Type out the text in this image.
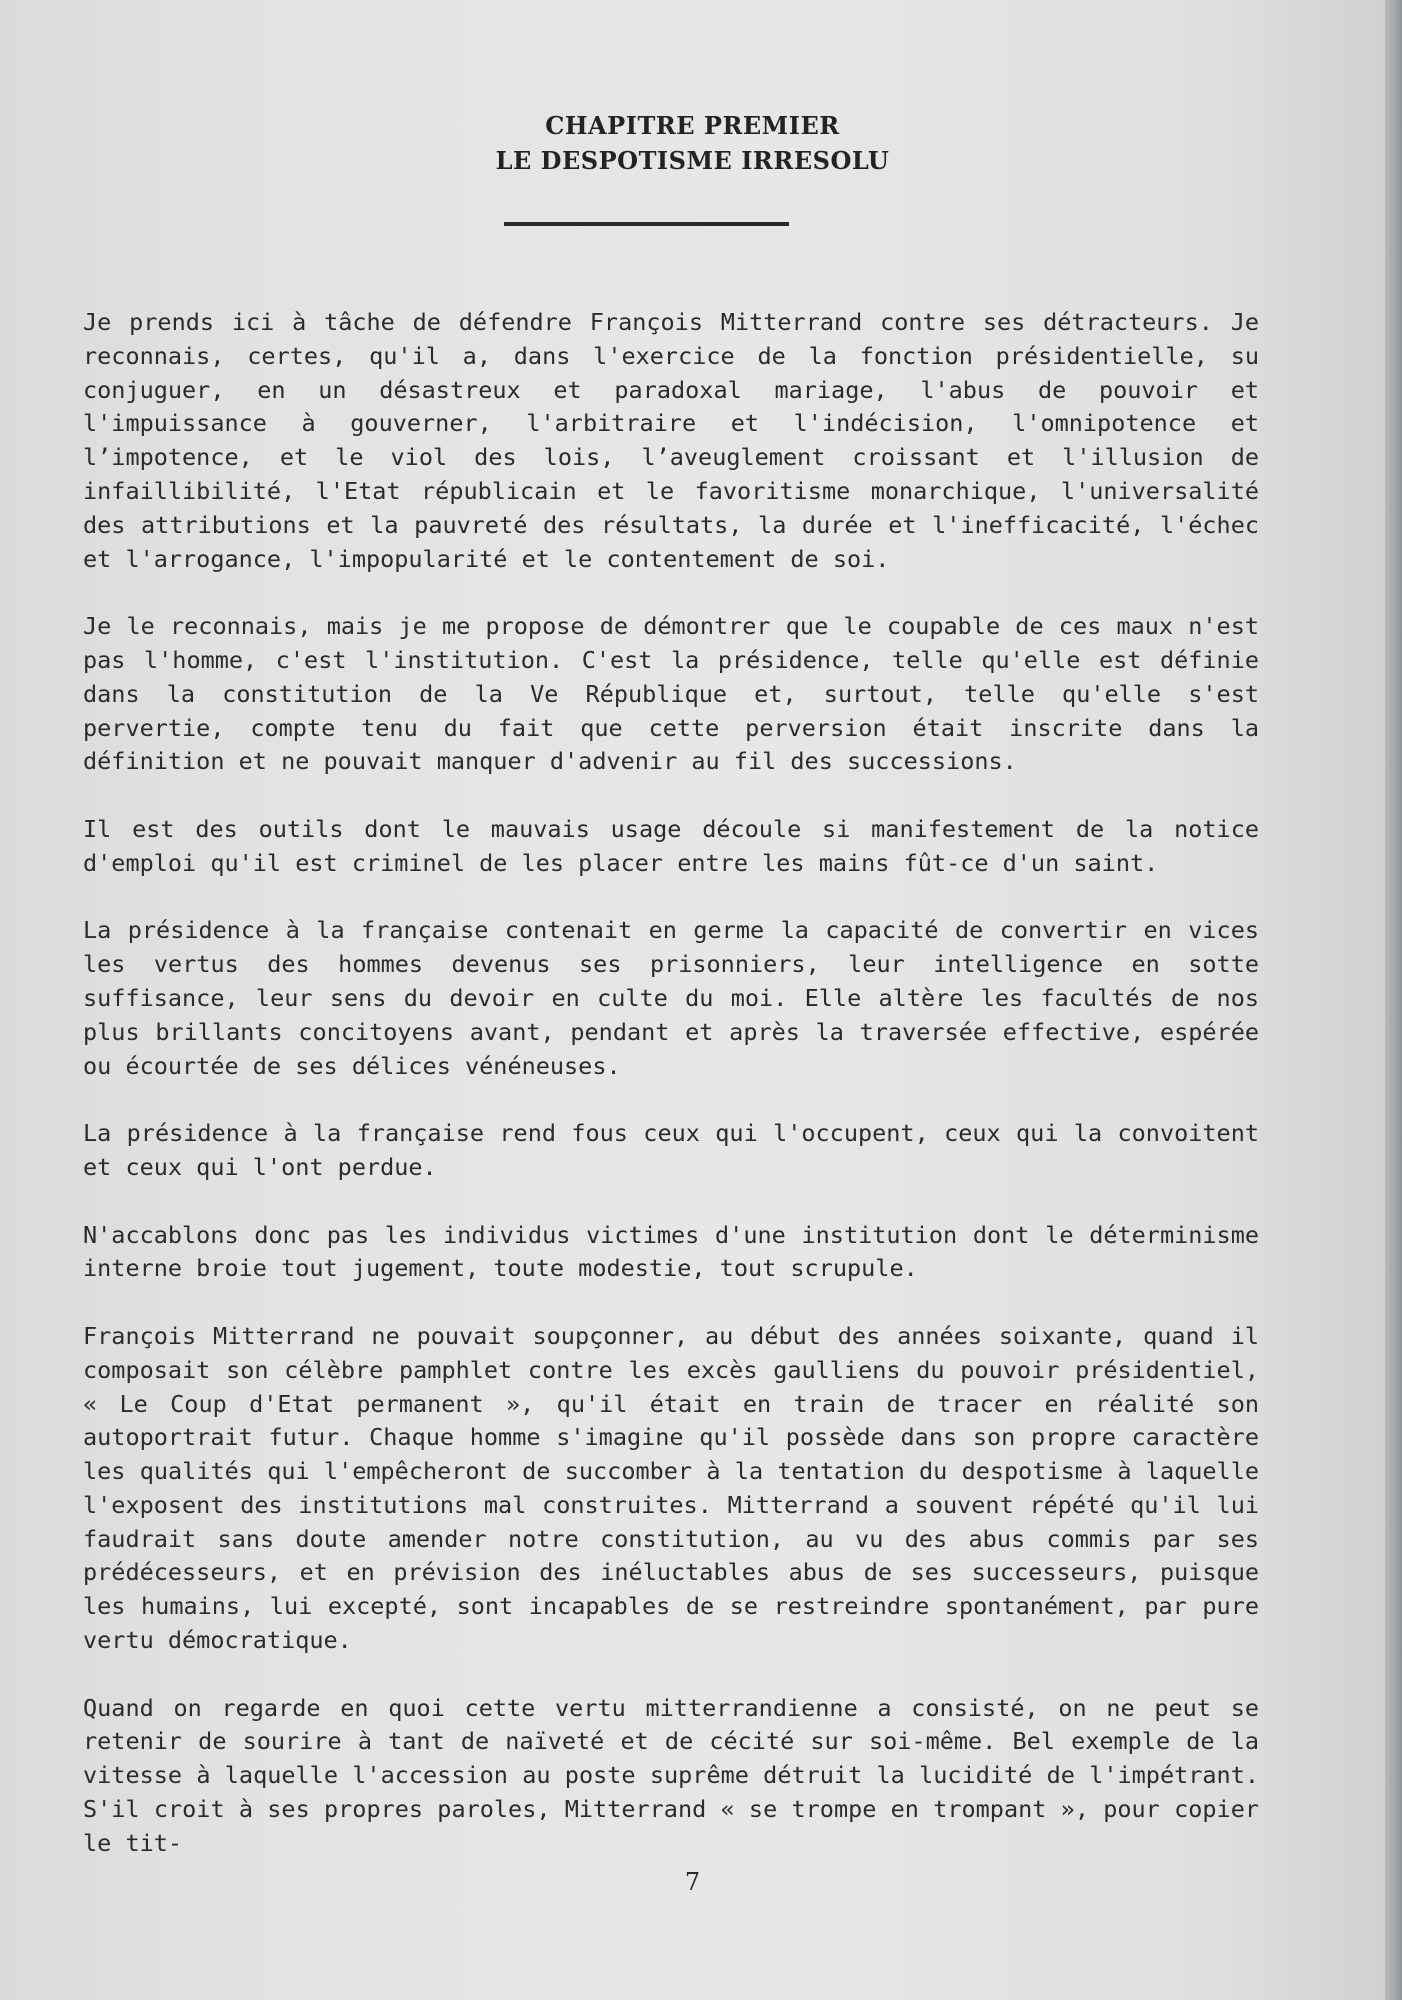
CHAPITRE PREMIER
LE DESPOTISME IRRESOLU

Je prends ici à tâche de défendre François Mitterrand contre ses détracteurs. Je reconnais, certes, qu'il a, dans l'exercice de la fonction présidentielle, su conjuguer, en un désastreux et paradoxal mariage, l'abus de pouvoir et l'impuissance à gouverner, l'arbitraire et l'indécision, l'omnipotence et l’impotence, et le viol des lois, l’aveuglement croissant et l'illusion de infaillibilité, l'Etat républicain et le favoritisme monarchique, l'universalité des attributions et la pauvreté des résultats, la durée et l'inefficacité, l'échec et l'arrogance, l'impopularité et le contentement de soi.

Je le reconnais, mais je me propose de démontrer que le coupable de ces maux n'est pas l'homme, c'est l'institution. C'est la présidence, telle qu'elle est définie dans la constitution de la Ve République et, surtout, telle qu'elle s'est pervertie, compte tenu du fait que cette perversion était inscrite dans la définition et ne pouvait manquer d'advenir au fil des successions.

Il est des outils dont le mauvais usage découle si manifestement de la notice d'emploi qu'il est criminel de les placer entre les mains fût-ce d'un saint.

La présidence à la française contenait en germe la capacité de convertir en vices les vertus des hommes devenus ses prisonniers, leur intelligence en sotte suffisance, leur sens du devoir en culte du moi. Elle altère les facultés de nos plus brillants concitoyens avant, pendant et après la traversée effective, espérée ou écourtée de ses délices vénéneuses.

La présidence à la française rend fous ceux qui l'occupent, ceux qui la convoitent et ceux qui l'ont perdue.

N'accablons donc pas les individus victimes d'une institution dont le déterminisme interne broie tout jugement, toute modestie, tout scrupule.

François Mitterrand ne pouvait soupçonner, au début des années soixante, quand il composait son célèbre pamphlet contre les excès gaulliens du pouvoir présidentiel, « Le Coup d'Etat permanent », qu'il était en train de tracer en réalité son autoportrait futur. Chaque homme s'imagine qu'il possède dans son propre caractère les qualités qui l'empêcheront de succomber à la tentation du despotisme à laquelle l'exposent des institutions mal construites. Mitterrand a souvent répété qu'il lui faudrait sans doute amender notre constitution, au vu des abus commis par ses prédécesseurs, et en prévision des inéluctables abus de ses successeurs, puisque les humains, lui excepté, sont incapables de se restreindre spontanément, par pure vertu démocratique.

Quand on regarde en quoi cette vertu mitterrandienne a consisté, on ne peut se retenir de sourire à tant de naïveté et de cécité sur soi-même. Bel exemple de la vitesse à laquelle l'accession au poste suprême détruit la lucidité de l'impétrant. S'il croit à ses propres paroles, Mitterrand « se trompe en trompant », pour copier le tit-

7
